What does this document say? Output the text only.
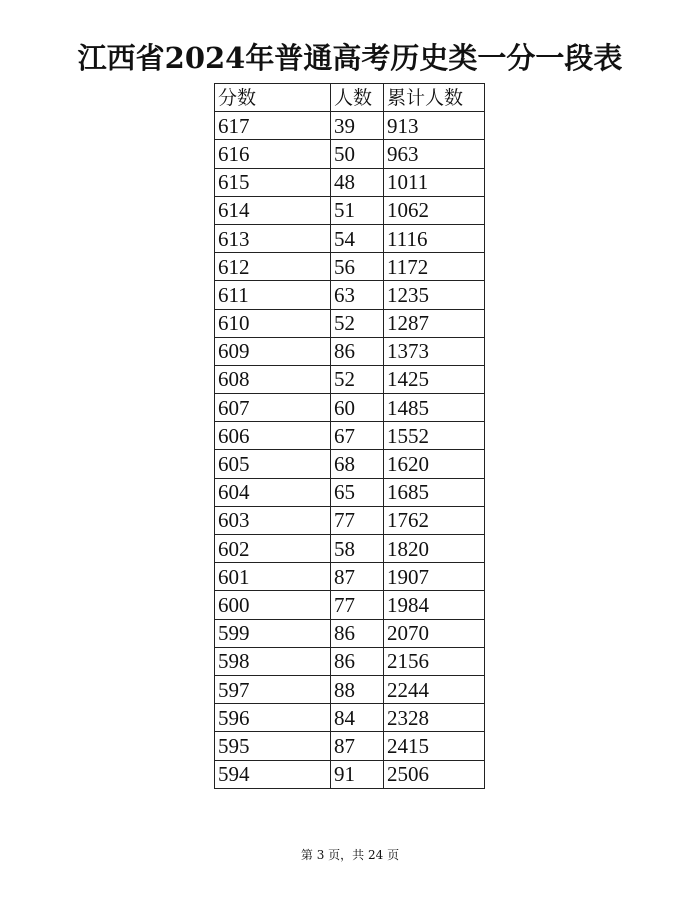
江西省2024年普通高考历史类一分一段表
分数	人数	累计人数
617	39	913
616	50	963
615	48	1011
614	51	1062
613	54	1116
612	56	1172
611	63	1235
610	52	1287
609	86	1373
608	52	1425
607	60	1485
606	67	1552
605	68	1620
604	65	1685
603	77	1762
602	58	1820
601	87	1907
600	77	1984
599	86	2070
598	86	2156
597	88	2244
596	84	2328
595	87	2415
594	91	2506
第 3 页，共 24 页
